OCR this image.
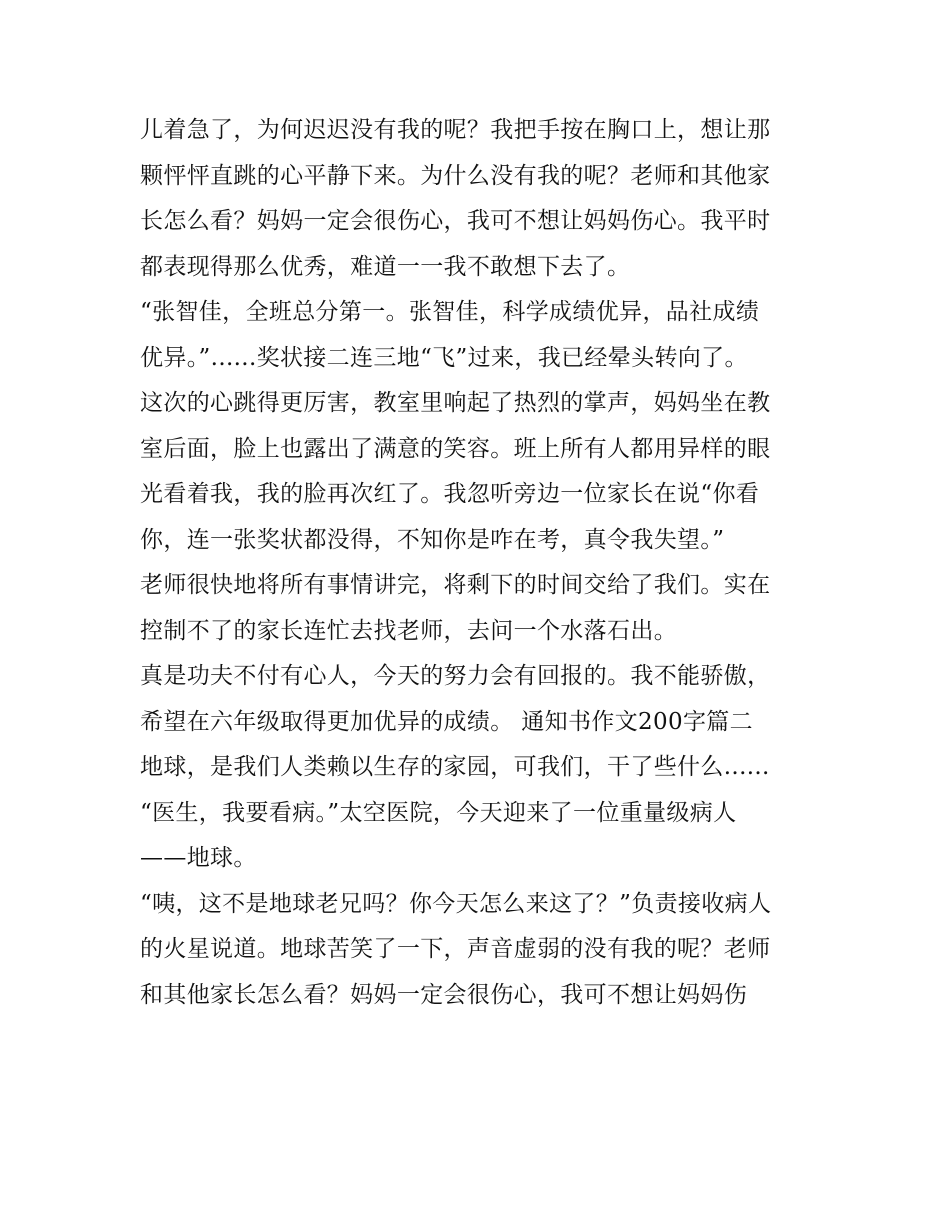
儿着急了，为何迟迟没有我的呢？我把手按在胸口上，想让那
颗怦怦直跳的心平静下来。为什么没有我的呢？老师和其他家
长怎么看？妈妈一定会很伤心，我可不想让妈妈伤心。我平时
都表现得那么优秀，难道一一我不敢想下去了。
“张智佳，全班总分第一。张智佳，科学成绩优异，品社成绩
优异。”......奖状接二连三地“飞”过来，我已经晕头转向了。
这次的心跳得更厉害，教室里响起了热烈的掌声，妈妈坐在教
室后面，脸上也露出了满意的笑容。班上所有人都用异样的眼
光看着我，我的脸再次红了。我忽听旁边一位家长在说“你看
你，连一张奖状都没得，不知你是咋在考，真令我失望。”
老师很快地将所有事情讲完，将剩下的时间交给了我们。实在
控制不了的家长连忙去找老师，去问一个水落石出。
真是功夫不付有心人，今天的努力会有回报的。我不能骄傲，
希望在六年级取得更加优异的成绩。 通知书作文200字篇二
地球，是我们人类赖以生存的家园，可我们，干了些什么......
“医生，我要看病。”太空医院，今天迎来了一位重量级病人
——地球。
“咦，这不是地球老兄吗？你今天怎么来这了？”负责接收病人
的火星说道。地球苦笑了一下，声音虚弱的没有我的呢？老师
和其他家长怎么看？妈妈一定会很伤心，我可不想让妈妈伤
